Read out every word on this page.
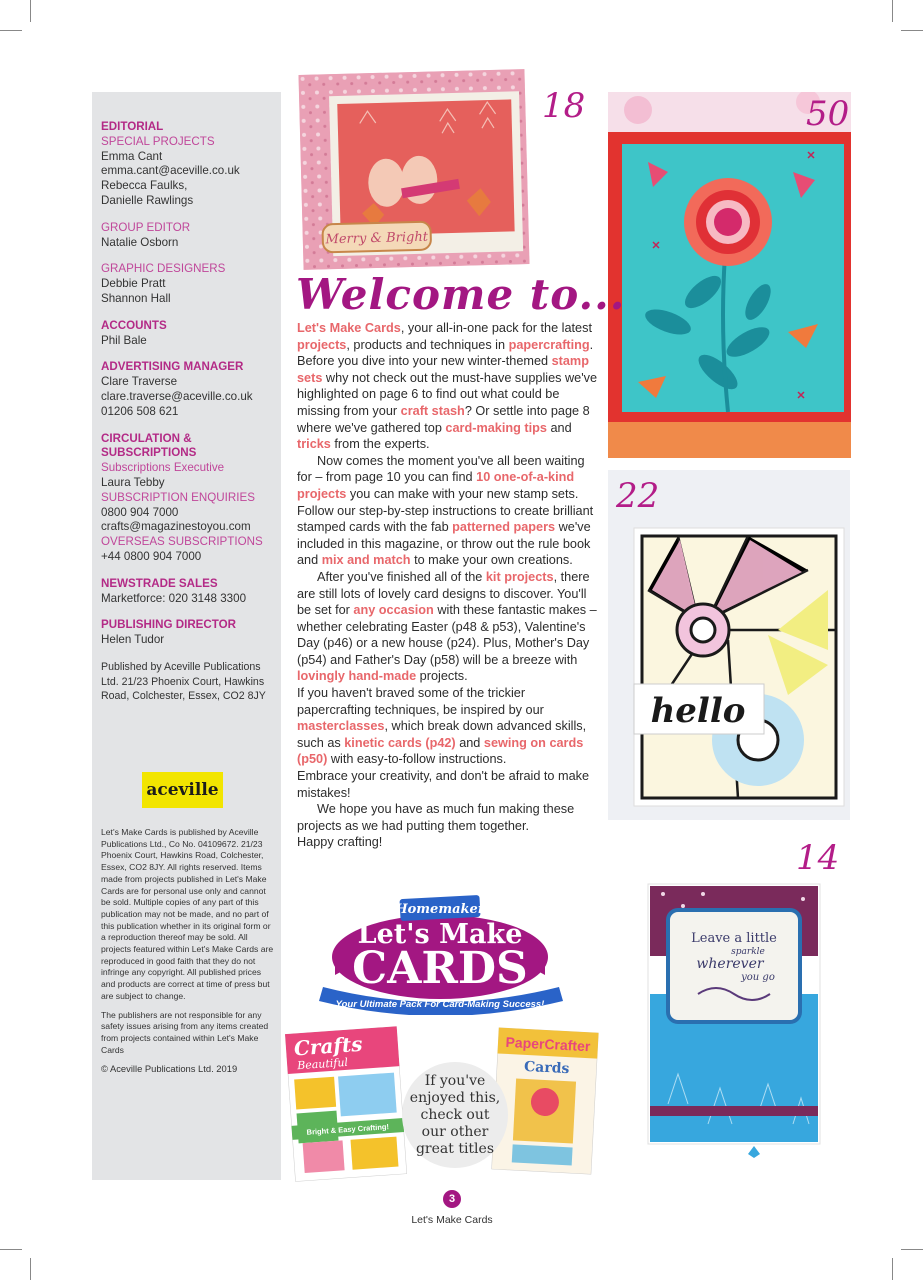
EDITORIAL
SPECIAL PROJECTS
Emma Cant
emma.cant@aceville.co.uk
Rebecca Faulks,
Danielle Rawlings
GROUP EDITOR
Natalie Osborn
GRAPHIC DESIGNERS
Debbie Pratt
Shannon Hall
ACCOUNTS
Phil Bale
ADVERTISING MANAGER
Clare Traverse
clare.traverse@aceville.co.uk
01206 508 621
CIRCULATION &
SUBSCRIPTIONS
Subscriptions Executive
Laura Tebby
SUBSCRIPTION ENQUIRIES
0800 904 7000
crafts@magazinestoyou.com
OVERSEAS SUBSCRIPTIONS
+44 0800 904 7000
NEWSTRADE SALES
Marketforce: 020 3148 3300
PUBLISHING DIRECTOR
Helen Tudor
Published by Aceville Publications
Ltd. 21/23 Phoenix Court, Hawkins
Road, Colchester, Essex, CO2 8JY
aceville

Let's Make Cards is published by Aceville Publications Ltd., Co No. 04109672. 21/23 Phoenix Court, Hawkins Road, Colchester, Essex, CO2 8JY. All rights reserved. Items made from projects published in Let's Make Cards are for personal use only and cannot be sold. Multiple copies of any part of this publication may not be made, and no part of this publication whether in its original form or a reproduction thereof may be sold. All projects featured within Let's Make Cards are reproduced in good faith that they do not infringe any copyright. All published prices and products are correct at time of press but are subject to change.

The publishers are not responsible for any safety issues arising from any items created from projects contained within Let's Make Cards

© Aceville Publications Ltd. 2019

Merry & Bright
18	50
hello
22
Leave a little
sparkle
wherever
you go
14
Welcome to...

Let's Make Cards, your all-in-one pack for the latest projects, products and techniques in papercrafting. Before you dive into your new winter-themed stamp sets why not check out the must-have supplies we've highlighted on page 6 to find out what could be missing from your craft stash? Or settle into page 8 where we've gathered top card-making tips and tricks from the experts.

Now comes the moment you've all been waiting for – from page 10 you can find 10 one-of-a-kind projects you can make with your new stamp sets. Follow our step-by-step instructions to create brilliant stamped cards with the fab patterned papers we've included in this magazine, or throw out the rule book and mix and match to make your own creations.

After you've finished all of the kit projects, there are still lots of lovely card designs to discover. You'll be set for any occasion with these fantastic makes – whether celebrating Easter (p48 & p53), Valentine's Day (p46) or a new house (p24). Plus, Mother's Day (p54) and Father's Day (p58) will be a breeze with lovingly hand-made projects.

If you haven't braved some of the trickier papercrafting techniques, be inspired by our masterclasses, which break down advanced skills, such as kinetic cards (p42) and sewing on cards (p50) with easy-to-follow instructions.

Embrace your creativity, and don't be afraid to make mistakes!

We hope you have as much fun making these projects as we had putting them together.

Happy crafting!

Homemaker
Let's Make
CARDS
Your Ultimate Pack For Card-Making Success!
Crafts
Beautiful
Bright & Easy Crafting!
PaperCrafter
Cards
If you've
enjoyed this,
check out
our other
great titles
3
Let's Make Cards
